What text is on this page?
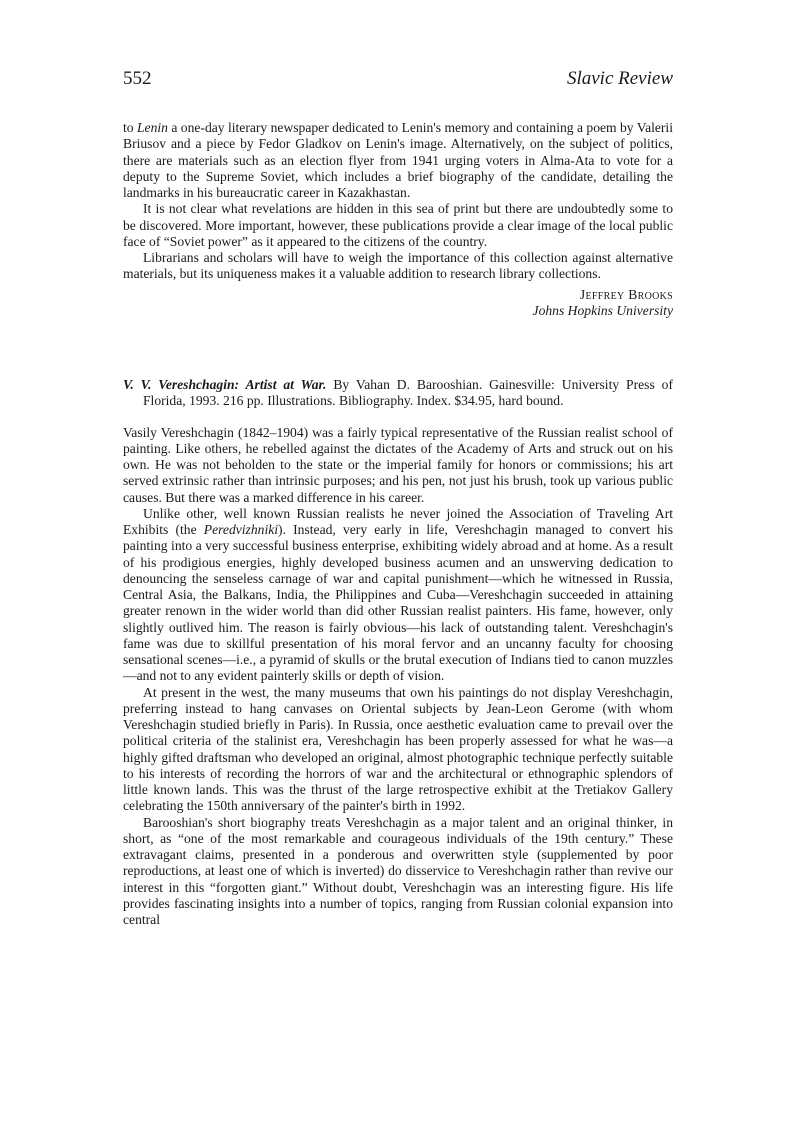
552	Slavic Review

to Lenin a one-day literary newspaper dedicated to Lenin's memory and containing a poem by Valerii Briusov and a piece by Fedor Gladkov on Lenin's image. Alternatively, on the subject of politics, there are materials such as an election flyer from 1941 urging voters in Alma-Ata to vote for a deputy to the Supreme Soviet, which includes a brief biography of the candidate, detailing the landmarks in his bureaucratic career in Kazakhastan.

It is not clear what revelations are hidden in this sea of print but there are undoubtedly some to be discovered. More important, however, these publications provide a clear image of the local public face of “Soviet power” as it appeared to the citizens of the country.

Librarians and scholars will have to weigh the importance of this collection against alternative materials, but its uniqueness makes it a valuable addition to research library collections.

Jeffrey Brooks
Johns Hopkins University
V. V. Vereshchagin: Artist at War. By Vahan D. Barooshian. Gainesville: University Press of Florida, 1993. 216 pp. Illustrations. Bibliography. Index. $34.95, hard bound.

Vasily Vereshchagin (1842–1904) was a fairly typical representative of the Russian realist school of painting. Like others, he rebelled against the dictates of the Academy of Arts and struck out on his own. He was not beholden to the state or the imperial family for honors or commissions; his art served extrinsic rather than intrinsic purposes; and his pen, not just his brush, took up various public causes. But there was a marked difference in his career.

Unlike other, well known Russian realists he never joined the Association of Traveling Art Exhibits (the Peredvizhniki). Instead, very early in life, Vereshchagin managed to convert his painting into a very successful business enterprise, exhibiting widely abroad and at home. As a result of his prodigious energies, highly developed business acumen and an unswerving dedication to denouncing the senseless carnage of war and capital punishment—which he witnessed in Russia, Central Asia, the Balkans, India, the Philippines and Cuba—Vereshchagin succeeded in attaining greater renown in the wider world than did other Russian realist painters. His fame, however, only slightly outlived him. The reason is fairly obvious—his lack of outstanding talent. Vereshchagin's fame was due to skillful presentation of his moral fervor and an uncanny faculty for choosing sensational scenes—i.e., a pyramid of skulls or the brutal execution of Indians tied to canon muzzles—and not to any evident painterly skills or depth of vision.

At present in the west, the many museums that own his paintings do not display Vereshchagin, preferring instead to hang canvases on Oriental subjects by Jean-Leon Gerome (with whom Vereshchagin studied briefly in Paris). In Russia, once aesthetic evaluation came to prevail over the political criteria of the stalinist era, Vereshchagin has been properly assessed for what he was—a highly gifted draftsman who developed an original, almost photographic technique perfectly suitable to his interests of recording the horrors of war and the architectural or ethnographic splendors of little known lands. This was the thrust of the large retrospective exhibit at the Tretiakov Gallery celebrating the 150th anniversary of the painter's birth in 1992.

Barooshian's short biography treats Vereshchagin as a major talent and an original thinker, in short, as “one of the most remarkable and courageous individuals of the 19th century.” These extravagant claims, presented in a ponderous and overwritten style (supplemented by poor reproductions, at least one of which is inverted) do disservice to Vereshchagin rather than revive our interest in this “forgotten giant.” Without doubt, Vereshchagin was an interesting figure. His life provides fascinating insights into a number of topics, ranging from Russian colonial expansion into central
